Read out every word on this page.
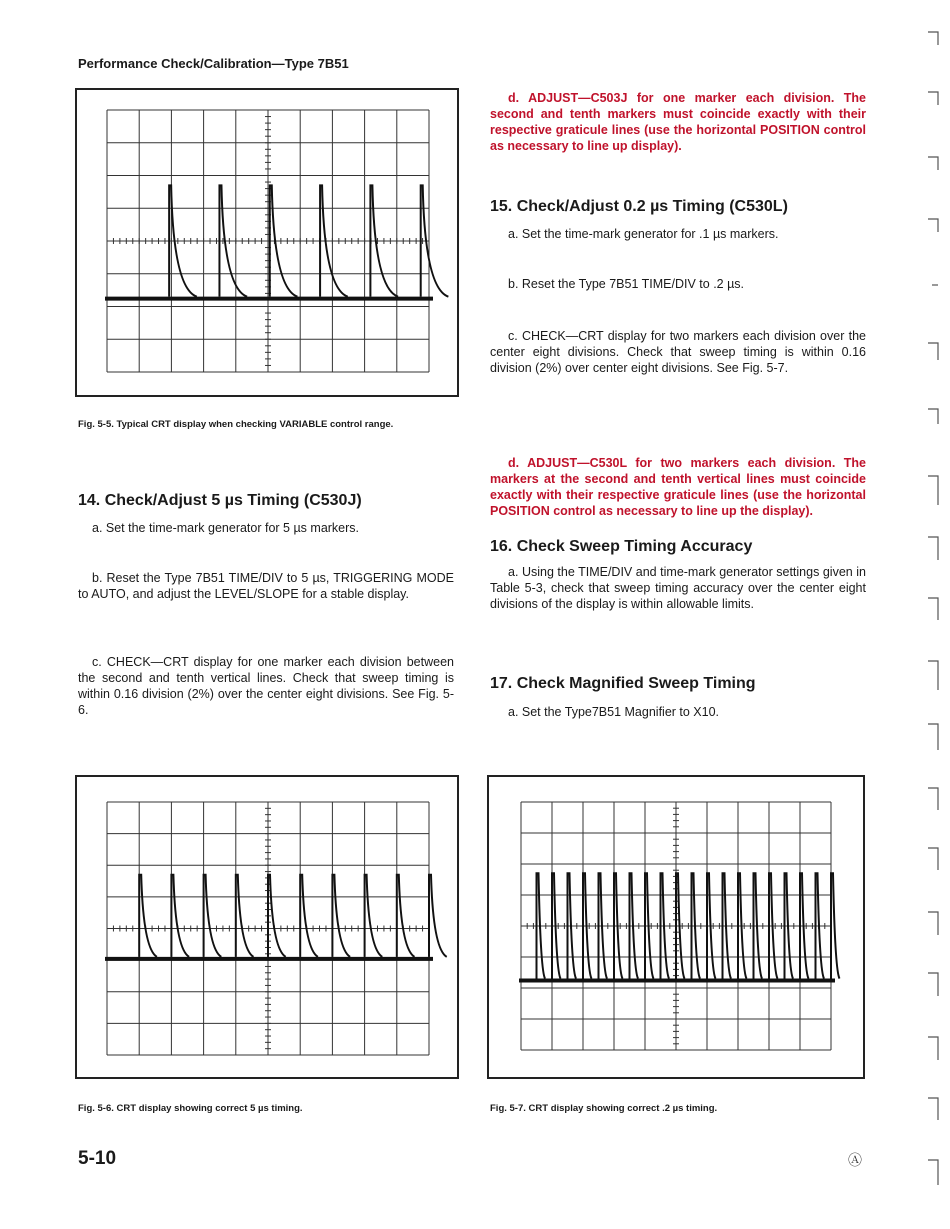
Performance Check/Calibration—Type 7B51
Fig. 5-5. Typical CRT display when checking VARIABLE control range.
14. Check/Adjust 5 µs Timing (C530J)

a. Set the time-mark generator for 5 µs markers.

b. Reset the Type 7B51 TIME/DIV to 5 µs, TRIGGERING MODE to AUTO, and adjust the LEVEL/SLOPE for a stable display.

c. CHECK—CRT display for one marker each division between the second and tenth vertical lines. Check that sweep timing is within 0.16 division (2%) over the center eight divisions. See Fig. 5-6.

Fig. 5-6. CRT display showing correct 5 µs timing.

d. ADJUST—C503J for one marker each division. The second and tenth markers must coincide exactly with their respective graticule lines (use the horizontal POSITION control as necessary to line up display).

15. Check/Adjust 0.2 µs Timing (C530L)

a. Set the time-mark generator for .1 µs markers.

b. Reset the Type 7B51 TIME/DIV to .2 µs.

c. CHECK—CRT display for two markers each division over the center eight divisions. Check that sweep timing is within 0.16 division (2%) over center eight divisions. See Fig. 5-7.

d. ADJUST—C530L for two markers each division. The markers at the second and tenth vertical lines must coincide exactly with their respective graticule lines (use the horizontal POSITION control as necessary to line up the display).

16. Check Sweep Timing Accuracy

a. Using the TIME/DIV and time-mark generator settings given in Table 5-3, check that sweep timing accuracy over the center eight divisions of the display is within allowable limits.

17. Check Magnified Sweep Timing

a. Set the Type7B51 Magnifier to X10.

Fig. 5-7. CRT display showing correct .2 µs timing.
5-10	Ⓐ
